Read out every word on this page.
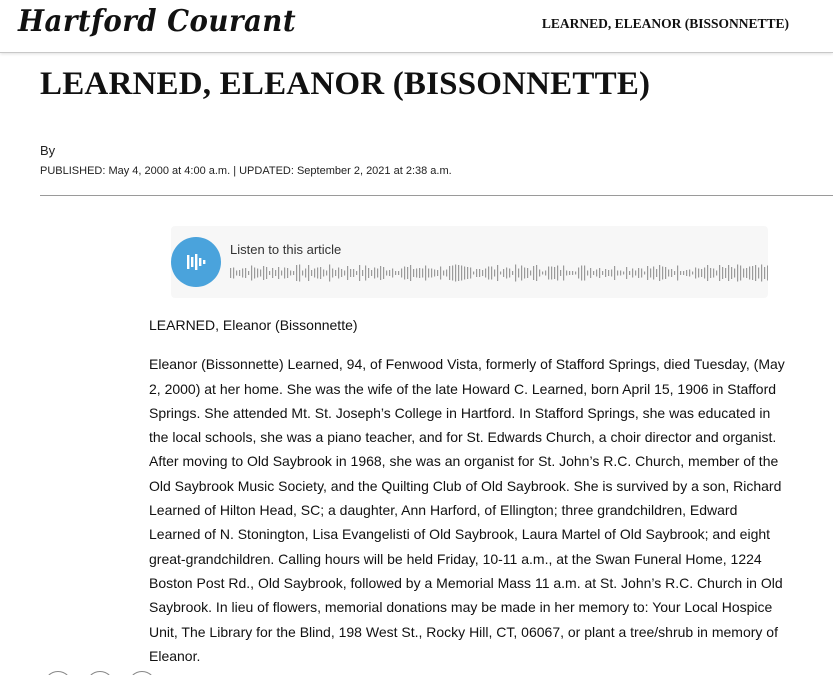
Hartford Courant	LEARNED, ELEANOR (BISSONNETTE)
LEARNED, ELEANOR (BISSONNETTE)
By
PUBLISHED: May 4, 2000 at 4:00 a.m. | UPDATED: September 2, 2021 at 2:38 a.m.
Listen to this article

LEARNED, Eleanor (Bissonnette)

Eleanor (Bissonnette) Learned, 94, of Fenwood Vista, formerly of Stafford Springs, died Tuesday, (May 2, 2000) at her home. She was the wife of the late Howard C. Learned, born April 15, 1906 in Stafford Springs. She attended Mt. St. Joseph’s College in Hartford. In Stafford Springs, she was educated in the local schools, she was a piano teacher, and for St. Edwards Church, a choir director and organist. After moving to Old Saybrook in 1968, she was an organist for St. John’s R.C. Church, member of the Old Saybrook Music Society, and the Quilting Club of Old Saybrook. She is survived by a son, Richard Learned of Hilton Head, SC; a daughter, Ann Harford, of Ellington; three grandchildren, Edward Learned of N. Stonington, Lisa Evangelisti of Old Saybrook, Laura Martel of Old Saybrook; and eight great-grandchildren. Calling hours will be held Friday, 10-11 a.m., at the Swan Funeral Home, 1224 Boston Post Rd., Old Saybrook, followed by a Memorial Mass 11 a.m. at St. John’s R.C. Church in Old Saybrook. In lieu of flowers, memorial donations may be made in her memory to: Your Local Hospice Unit, The Library for the Blind, 198 West St., Rocky Hill, CT, 06067, or plant a tree/shrub in memory of Eleanor.
